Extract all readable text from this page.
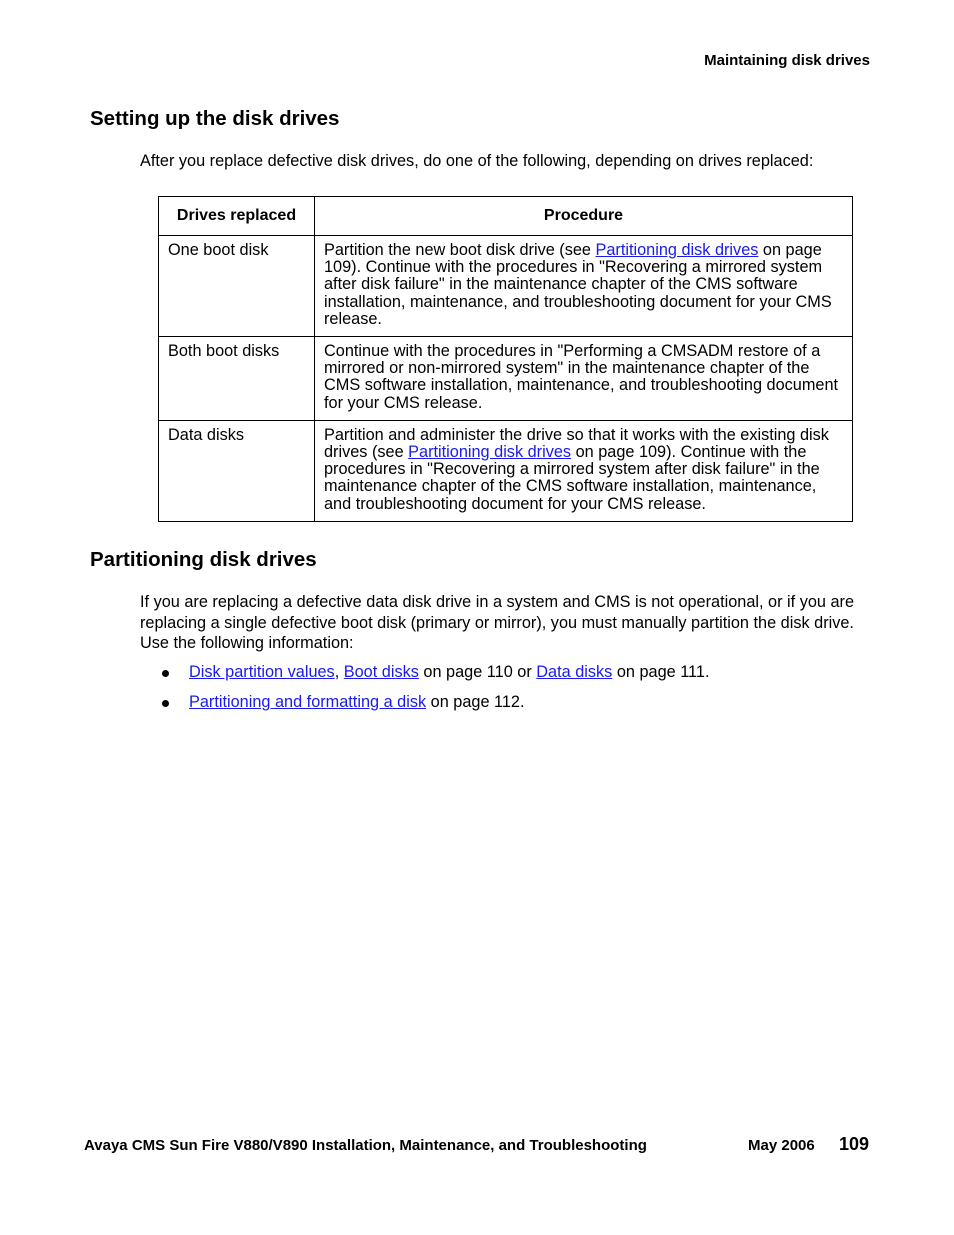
Maintaining disk drives
Setting up the disk drives

After you replace defective disk drives, do one of the following, depending on drives replaced:

Drives replaced	Procedure
One boot disk	Partition the new boot disk drive (see Partitioning disk drives on page 109). Continue with the procedures in "Recovering a mirrored system after disk failure" in the maintenance chapter of the CMS software installation, maintenance, and troubleshooting document for your CMS release.
Both boot disks	Continue with the procedures in "Performing a CMSADM restore of a mirrored or non-mirrored system" in the maintenance chapter of the CMS software installation, maintenance, and troubleshooting document for your CMS release.
Data disks	Partition and administer the drive so that it works with the existing disk drives (see Partitioning disk drives on page 109). Continue with the procedures in "Recovering a mirrored system after disk failure" in the maintenance chapter of the CMS software installation, maintenance, and troubleshooting document for your CMS release.
Partitioning disk drives

If you are replacing a defective data disk drive in a system and CMS is not operational, or if you are replacing a single defective boot disk (primary or mirror), you must manually partition the disk drive. Use the following information:

Disk partition values, Boot disks on page 110 or Data disks on page 111.
Partitioning and formatting a disk on page 112.
Avaya CMS Sun Fire V880/V890 Installation, Maintenance, and Troubleshooting	May 2006 109
